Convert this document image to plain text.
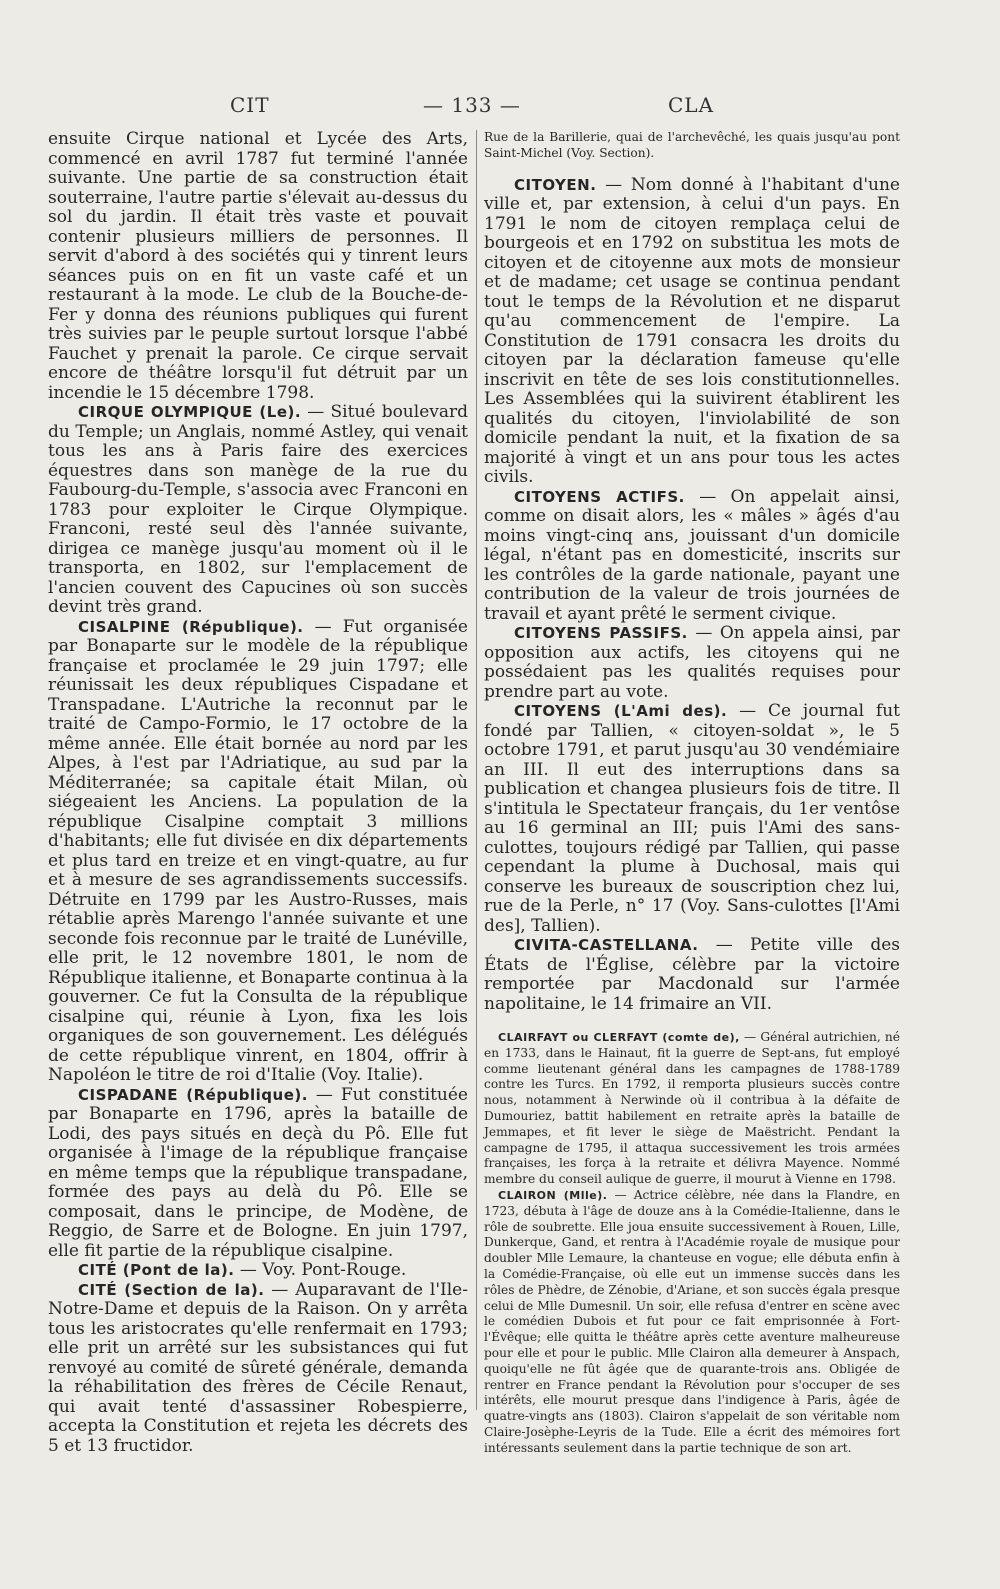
CIT	— 133 —	CLA

ensuite Cirque national et Lycée des Arts, commencé en avril 1787 fut terminé l'année suivante. Une partie de sa construction était souterraine, l'autre partie s'élevait au-dessus du sol du jardin. Il était très vaste et pouvait contenir plusieurs milliers de personnes. Il servit d'abord à des sociétés qui y tinrent leurs séances puis on en fit un vaste café et un restaurant à la mode. Le club de la Bouche-de-Fer y donna des réunions publiques qui furent très suivies par le peuple surtout lorsque l'abbé Fauchet y prenait la parole. Ce cirque servait encore de théâtre lorsqu'il fut détruit par un incendie le 15 décembre 1798.

CIRQUE OLYMPIQUE (Le). — Situé boulevard du Temple; un Anglais, nommé Astley, qui venait tous les ans à Paris faire des exercices équestres dans son manège de la rue du Faubourg-du-Temple, s'associa avec Franconi en 1783 pour exploiter le Cirque Olympique. Franconi, resté seul dès l'année suivante, dirigea ce manège jusqu'au moment où il le transporta, en 1802, sur l'emplacement de l'ancien couvent des Capucines où son succès devint très grand.

CISALPINE (République). — Fut organisée par Bonaparte sur le modèle de la république française et proclamée le 29 juin 1797; elle réunissait les deux républiques Cispadane et Transpadane. L'Autriche la reconnut par le traité de Campo-Formio, le 17 octobre de la même année. Elle était bornée au nord par les Alpes, à l'est par l'Adriatique, au sud par la Méditerranée; sa capitale était Milan, où siégeaient les Anciens. La population de la république Cisalpine comptait 3 millions d'habitants; elle fut divisée en dix départements et plus tard en treize et en vingt-quatre, au fur et à mesure de ses agrandissements successifs. Détruite en 1799 par les Austro-Russes, mais rétablie après Marengo l'année suivante et une seconde fois reconnue par le traité de Lunéville, elle prit, le 12 novembre 1801, le nom de République italienne, et Bonaparte continua à la gouverner. Ce fut la Consulta de la république cisalpine qui, réunie à Lyon, fixa les lois organiques de son gouvernement. Les délégués de cette république vinrent, en 1804, offrir à Napoléon le titre de roi d'Italie (Voy. Italie).

CISPADANE (République). — Fut constituée par Bonaparte en 1796, après la bataille de Lodi, des pays situés en deçà du Pô. Elle fut organisée à l'image de la république française en même temps que la république transpadane, formée des pays au delà du Pô. Elle se composait, dans le principe, de Modène, de Reggio, de Sarre et de Bologne. En juin 1797, elle fit partie de la république cisalpine.

CITÉ (Pont de la). — Voy. Pont-Rouge.

CITÉ (Section de la). — Auparavant de l'Ile-Notre-Dame et depuis de la Raison. On y arrêta tous les aristocrates qu'elle renfermait en 1793; elle prit un arrêté sur les subsistances qui fut renvoyé au comité de sûreté générale, demanda la réhabilitation des frères de Cécile Renaut, qui avait tenté d'assassiner Robespierre, accepta la Constitution et rejeta les décrets des 5 et 13 fructidor.

Rue de la Barillerie, quai de l'archevêché, les quais jusqu'au pont Saint-Michel (Voy. Section).

CITOYEN. — Nom donné à l'habitant d'une ville et, par extension, à celui d'un pays. En 1791 le nom de citoyen remplaça celui de bourgeois et en 1792 on substitua les mots de citoyen et de citoyenne aux mots de monsieur et de madame; cet usage se continua pendant tout le temps de la Révolution et ne disparut qu'au commencement de l'empire. La Constitution de 1791 consacra les droits du citoyen par la déclaration fameuse qu'elle inscrivit en tête de ses lois constitutionnelles. Les Assemblées qui la suivirent établirent les qualités du citoyen, l'inviolabilité de son domicile pendant la nuit, et la fixation de sa majorité à vingt et un ans pour tous les actes civils.

CITOYENS ACTIFS. — On appelait ainsi, comme on disait alors, les « mâles » âgés d'au moins vingt-cinq ans, jouissant d'un domicile légal, n'étant pas en domesticité, inscrits sur les contrôles de la garde nationale, payant une contribution de la valeur de trois journées de travail et ayant prêté le serment civique.

CITOYENS PASSIFS. — On appela ainsi, par opposition aux actifs, les citoyens qui ne possédaient pas les qualités requises pour prendre part au vote.

CITOYENS (L'Ami des). — Ce journal fut fondé par Tallien, « citoyen-soldat », le 5 octobre 1791, et parut jusqu'au 30 vendémiaire an III. Il eut des interruptions dans sa publication et changea plusieurs fois de titre. Il s'intitula le Spectateur français, du 1er ventôse au 16 germinal an III; puis l'Ami des sans-culottes, toujours rédigé par Tallien, qui passe cependant la plume à Duchosal, mais qui conserve les bureaux de souscription chez lui, rue de la Perle, n° 17 (Voy. Sans-culottes [l'Ami des], Tallien).

CIVITA-CASTELLANA. — Petite ville des États de l'Église, célèbre par la victoire remportée par Macdonald sur l'armée napolitaine, le 14 frimaire an VII.

CLAIRFAYT ou CLERFAYT (comte de), — Général autrichien, né en 1733, dans le Hainaut, fit la guerre de Sept-ans, fut employé comme lieutenant général dans les campagnes de 1788-1789 contre les Turcs. En 1792, il remporta plusieurs succès contre nous, notamment à Nerwinde où il contribua à la défaite de Dumouriez, battit habilement en retraite après la bataille de Jemmapes, et fit lever le siège de Maëstricht. Pendant la campagne de 1795, il attaqua successivement les trois armées françaises, les força à la retraite et délivra Mayence. Nommé membre du conseil aulique de guerre, il mourut à Vienne en 1798.

CLAIRON (Mlle). — Actrice célèbre, née dans la Flandre, en 1723, débuta à l'âge de douze ans à la Comédie-Italienne, dans le rôle de soubrette. Elle joua ensuite successivement à Rouen, Lille, Dunkerque, Gand, et rentra à l'Académie royale de musique pour doubler Mlle Lemaure, la chanteuse en vogue; elle débuta enfin à la Comédie-Française, où elle eut un immense succès dans les rôles de Phèdre, de Zénobie, d'Ariane, et son succès égala presque celui de Mlle Dumesnil. Un soir, elle refusa d'entrer en scène avec le comédien Dubois et fut pour ce fait emprisonnée à Fort-l'Évêque; elle quitta le théâtre après cette aventure malheureuse pour elle et pour le public. Mlle Clairon alla demeurer à Anspach, quoiqu'elle ne fût âgée que de quarante-trois ans. Obligée de rentrer en France pendant la Révolution pour s'occuper de ses intérêts, elle mourut presque dans l'indigence à Paris, âgée de quatre-vingts ans (1803). Clairon s'appelait de son véritable nom Claire-Josèphe-Leyris de la Tude. Elle a écrit des mémoires fort intéressants seulement dans la partie technique de son art.
